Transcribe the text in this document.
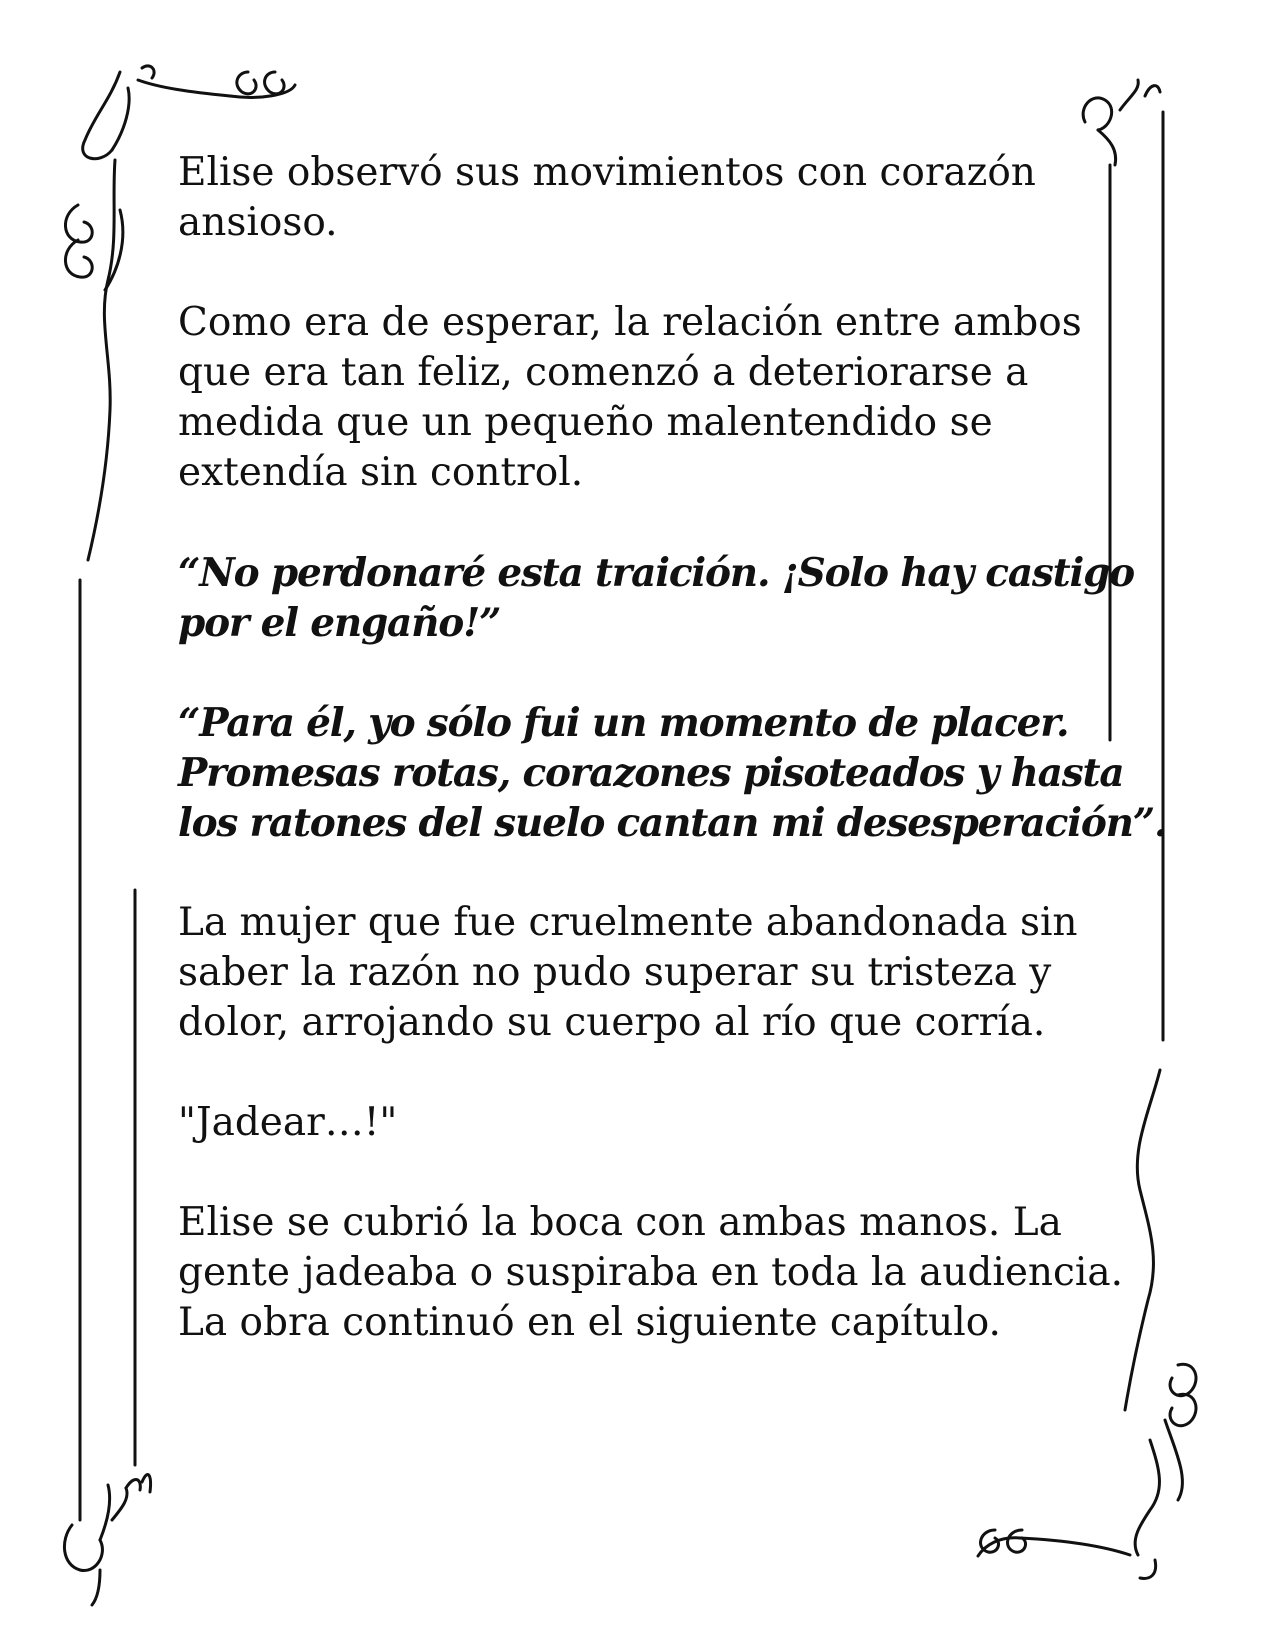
Elise observó sus movimientos con corazón
ansioso.

Como era de esperar, la relación entre ambos
que era tan feliz, comenzó a deteriorarse a
medida que un pequeño malentendido se
extendía sin control.

“No perdonaré esta traición. ¡Solo hay castigo
por el engaño!”

“Para él, yo sólo fui un momento de placer.
Promesas rotas, corazones pisoteados y hasta
los ratones del suelo cantan mi desesperación”.

La mujer que fue cruelmente abandonada sin
saber la razón no pudo superar su tristeza y
dolor, arrojando su cuerpo al río que corría.

"Jadear…!"

Elise se cubrió la boca con ambas manos. La
gente jadeaba o suspiraba en toda la audiencia.
La obra continuó en el siguiente capítulo.
